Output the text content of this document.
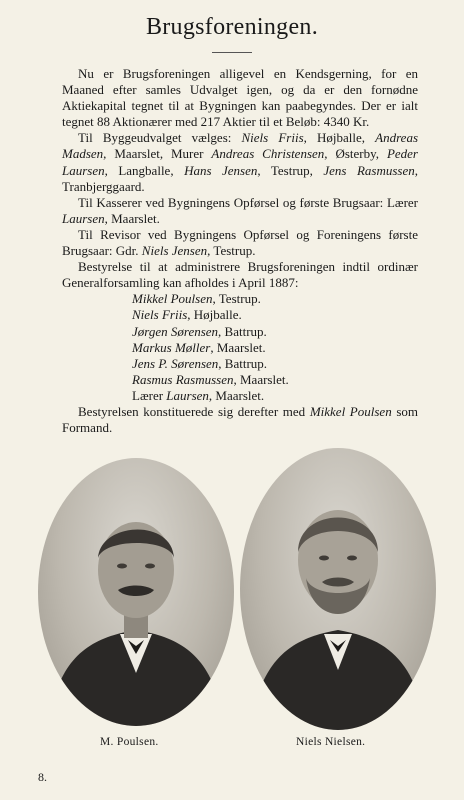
Brugsforeningen.

Nu er Brugsforeningen alligevel en Kendsgerning, for en Maaned efter samles Udvalget igen, og da er den fornødne Aktiekapital tegnet til at Bygningen kan paabegyndes. Der er ialt tegnet 88 Aktionærer med 217 Aktier til et Beløb: 4340 Kr.

Til Byggeudvalget vælges: Niels Friis, Højballe, Andreas Madsen, Maarslet, Murer Andreas Christensen, Østerby, Peder Laursen, Langballe, Hans Jensen, Testrup, Jens Rasmussen, Tranbjerggaard.

Til Kasserer ved Bygningens Opførsel og første Brugsaar: Lærer Laursen, Maarslet.

Til Revisor ved Bygningens Opførsel og Foreningens første Brugsaar: Gdr. Niels Jensen, Testrup.

Bestyrelse til at administrere Brugsforeningen indtil ordinær Generalforsamling kan afholdes i April 1887:

Mikkel Poulsen, Testrup.
Niels Friis, Højballe.
Jørgen Sørensen, Battrup.
Markus Møller, Maarslet.
Jens P. Sørensen, Battrup.
Rasmus Rasmussen, Maarslet.
Lærer Laursen, Maarslet.

Bestyrelsen konstituerede sig derefter med Mikkel Poulsen som Formand.

M. Poulsen.	Niels Nielsen.
8.
